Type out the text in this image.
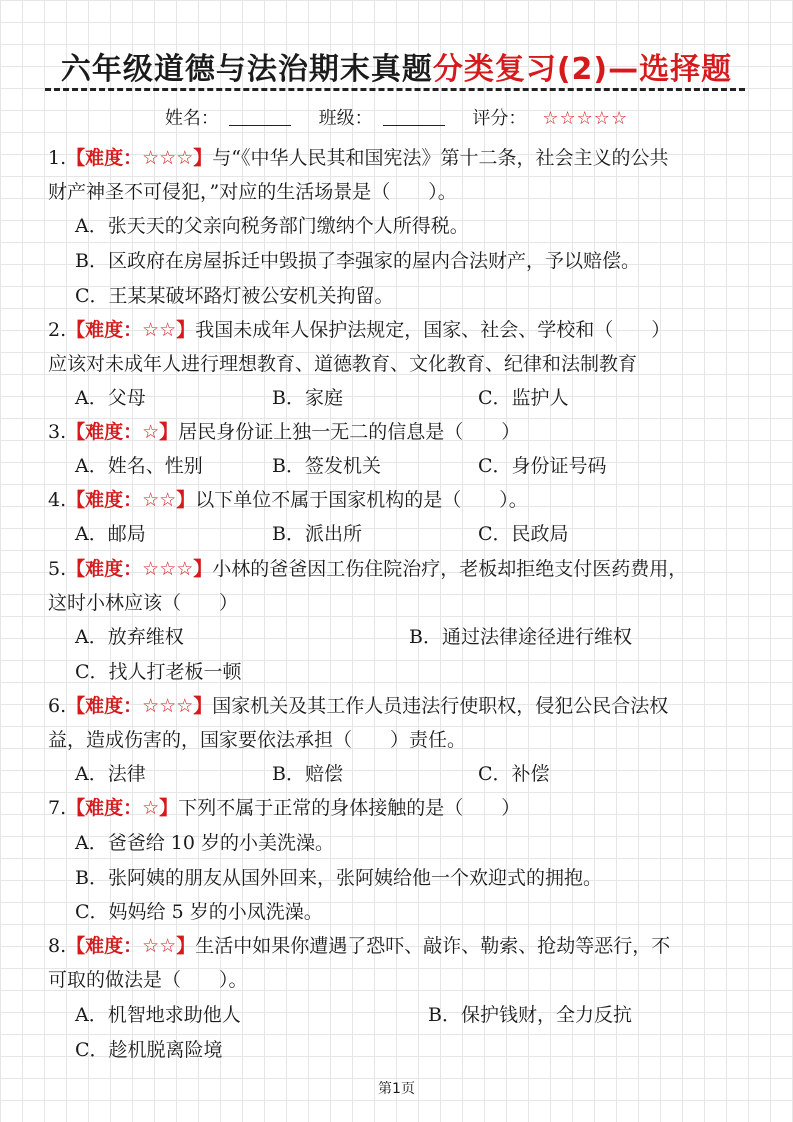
六年级道德与法治期末真题分类复习(2)—选择题
姓名：	班级：	评分： ☆☆☆☆☆
1.【难度：☆☆☆】与“《中华人民其和国宪法》第十二条，社会主义的公共
财产神圣不可侵犯，”对应的生活场景是（　　）。
A．张天天的父亲向税务部门缴纳个人所得税。
B．区政府在房屋拆迁中毁损了李强家的屋内合法财产，予以赔偿。
C．王某某破坏路灯被公安机关拘留。
2.【难度：☆☆】我国未成年人保护法规定，国家、社会、学校和（　　）
应该对未成年人进行理想教育、道德教育、文化教育、纪律和法制教育
A．父母	B．家庭	C．监护人
3.【难度：☆】居民身份证上独一无二的信息是（　　）
A．姓名、性别	B．签发机关	C．身份证号码
4.【难度：☆☆】以下单位不属于国家机构的是（　　）。
A．邮局	B．派出所	C．民政局
5.【难度：☆☆☆】小林的爸爸因工伤住院治疗，老板却拒绝支付医药费用，
这时小林应该（　　）
A．放弃维权	B．通过法律途径进行维权
C．找人打老板一顿
6.【难度：☆☆☆】国家机关及其工作人员违法行使职权，侵犯公民合法权
益，造成伤害的，国家要依法承担（　　）责任。
A．法律	B．赔偿	C．补偿
7.【难度：☆】下列不属于正常的身体接触的是（　　）
A．爸爸给 10 岁的小美洗澡。
B．张阿姨的朋友从国外回来，张阿姨给他一个欢迎式的拥抱。
C．妈妈给 5 岁的小凤洗澡。
8.【难度：☆☆】生活中如果你遭遇了恐吓、敲诈、勒索、抢劫等恶行，不
可取的做法是（　　）。
A．机智地求助他人	B．保护钱财，全力反抗
C．趁机脱离险境
第1页
